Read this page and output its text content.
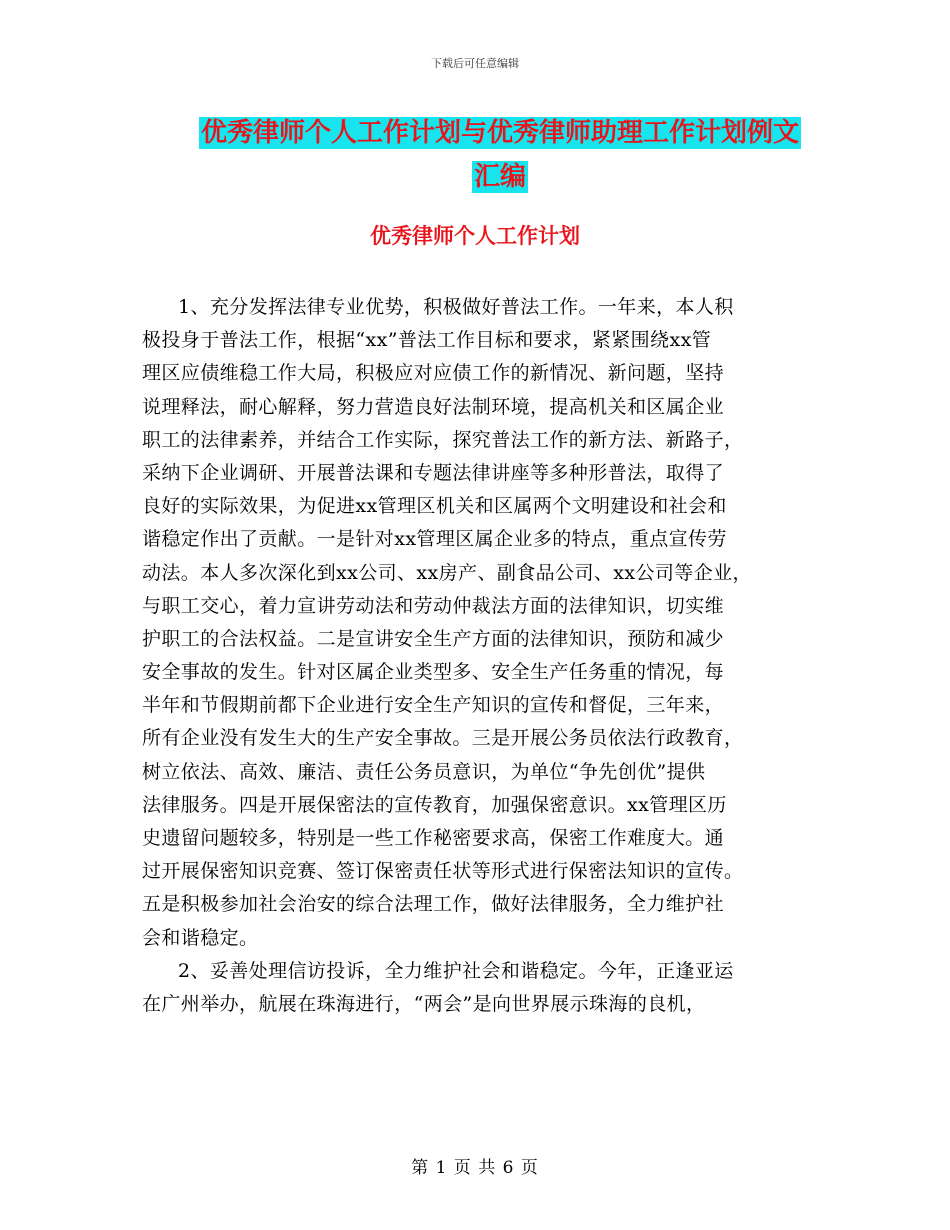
下载后可任意编辑
优秀律师个人工作计划与优秀律师助理工作计划例文
汇编
优秀律师个人工作计划
1、充分发挥法律专业优势，积极做好普法工作。一年来，本人积
极投身于普法工作，根据“xx”普法工作目标和要求，紧紧围绕xx管
理区应债维稳工作大局，积极应对应债工作的新情况、新问题，坚持
说理释法，耐心解释，努力营造良好法制环境，提高机关和区属企业
职工的法律素养，并结合工作实际，探究普法工作的新方法、新路子，
采纳下企业调研、开展普法课和专题法律讲座等多种形普法，取得了
良好的实际效果，为促进xx管理区机关和区属两个文明建设和社会和
谐稳定作出了贡献。一是针对xx管理区属企业多的特点，重点宣传劳
动法。本人多次深化到xx公司、xx房产、副食品公司、xx公司等企业，
与职工交心，着力宣讲劳动法和劳动仲裁法方面的法律知识，切实维
护职工的合法权益。二是宣讲安全生产方面的法律知识，预防和减少
安全事故的发生。针对区属企业类型多、安全生产任务重的情况，每
半年和节假期前都下企业进行安全生产知识的宣传和督促，三年来，
所有企业没有发生大的生产安全事故。三是开展公务员依法行政教育，
树立依法、高效、廉洁、责任公务员意识，为单位“争先创优”提供
法律服务。四是开展保密法的宣传教育，加强保密意识。xx管理区历
史遗留问题较多，特别是一些工作秘密要求高，保密工作难度大。通
过开展保密知识竞赛、签订保密责任状等形式进行保密法知识的宣传。
五是积极参加社会治安的综合法理工作，做好法律服务，全力维护社
会和谐稳定。
2、妥善处理信访投诉，全力维护社会和谐稳定。今年，正逢亚运
在广州举办，航展在珠海进行，“两会”是向世界展示珠海的良机，
第 1 页 共 6 页
